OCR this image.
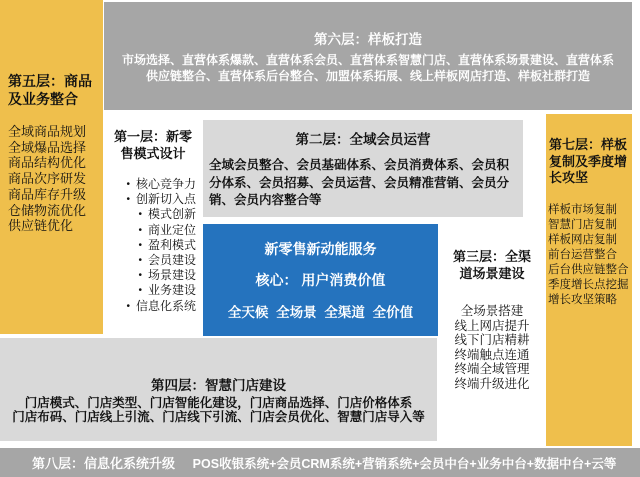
第五层：商品及业务整合
全域商品规划
全域爆品选择
商品结构优化
商品次序研发
商品库存升级
仓储物流优化
供应链优化
第六层：样板打造
市场选择、直营体系爆款、直营体系会员、直营体系智慧门店、直营体系场景建设、直营体系供应链整合、直营体系后台整合、加盟体系拓展、线上样板网店打造、样板社群打造
第一层：新零售模式设计
• 核心竞争力
• 创新切入点
• 模式创新
• 商业定位
• 盈利模式
• 会员建设
• 场景建设
• 业务建设
• 信息化系统
第二层：全域会员运营
全域会员整合、会员基础体系、会员消费体系、会员积分体系、会员招募、会员运营、会员精准营销、会员分销、会员内容整合等
新零售新动能服务
核心： 用户消费价值
全天候 全场景 全渠道 全价值
第三层：全渠道场景建设
全场景搭建
线上网店提升
线下门店精耕
终端触点连通
终端全域管理
终端升级进化
第七层：样板复制及季度增长攻坚
样板市场复制
智慧门店复制
样板网店复制
前台运营整合
后台供应链整合
季度增长点挖掘
增长攻坚策略
第四层：智慧门店建设
门店模式、门店类型、门店智能化建设，门店商品选择、门店价格体系
门店布码、门店线上引流、门店线下引流、门店会员优化、智慧门店导入等
第八层：信息化系统升级	POS收银系统+会员CRM系统+营销系统+会员中台+业务中台+数据中台+云等
